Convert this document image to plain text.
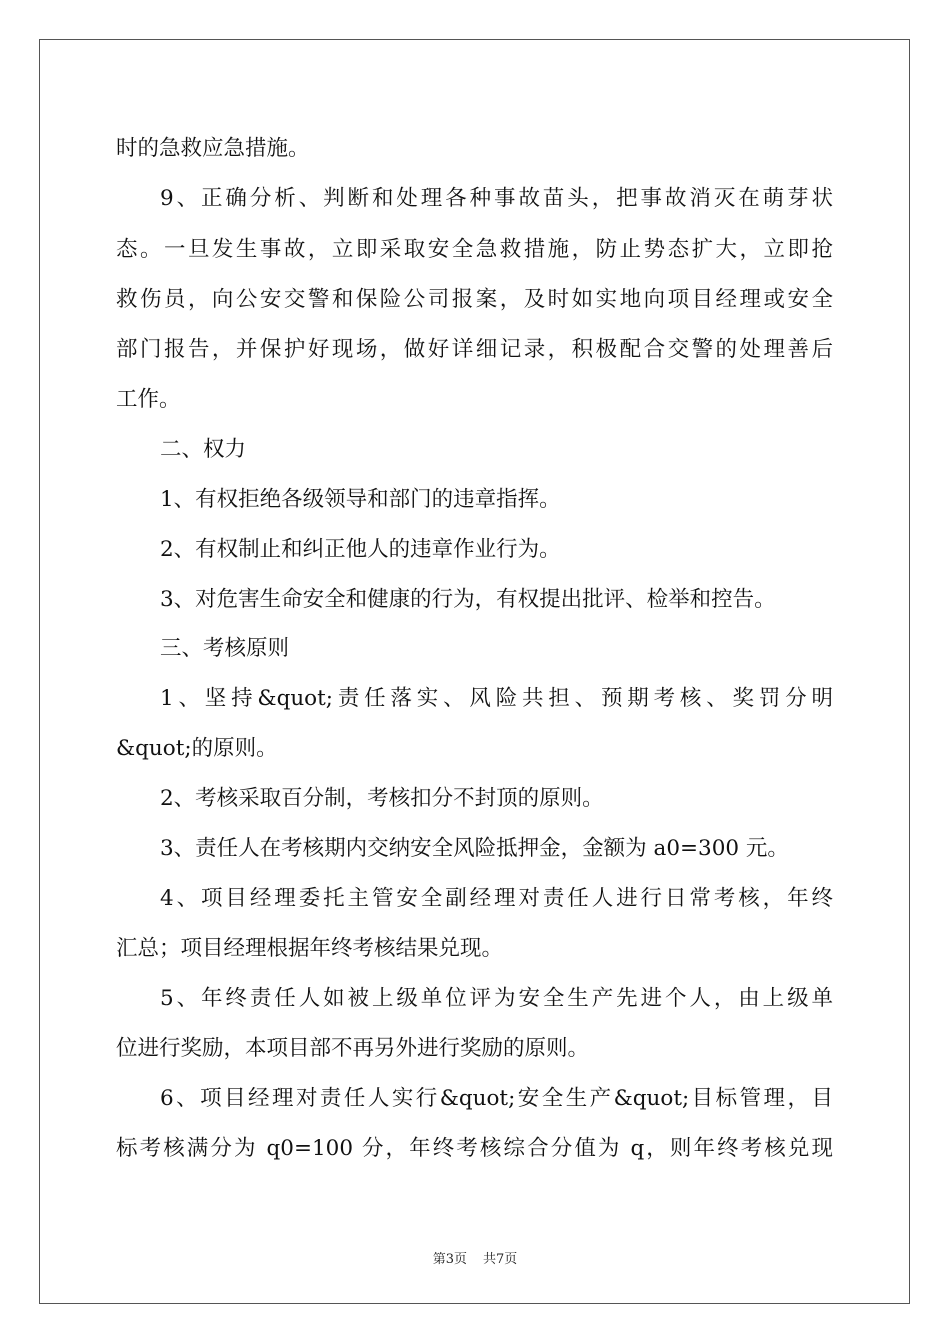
时的急救应急措施。
9、正确分析、判断和处理各种事故苗头，把事故消灭在萌芽状
态。一旦发生事故，立即采取安全急救措施，防止势态扩大，立即抢
救伤员，向公安交警和保险公司报案，及时如实地向项目经理或安全
部门报告，并保护好现场，做好详细记录，积极配合交警的处理善后
工作。
二、权力
1、有权拒绝各级领导和部门的违章指挥。
2、有权制止和纠正他人的违章作业行为。
3、对危害生命安全和健康的行为，有权提出批评、检举和控告。
三、考核原则
1、坚持&quot;责任落实、风险共担、预期考核、奖罚分明
&quot;的原则。
2、考核采取百分制，考核扣分不封顶的原则。
3、责任人在考核期内交纳安全风险抵押金，金额为 a0=300 元。
4、项目经理委托主管安全副经理对责任人进行日常考核，年终
汇总；项目经理根据年终考核结果兑现。
5、年终责任人如被上级单位评为安全生产先进个人，由上级单
位进行奖励，本项目部不再另外进行奖励的原则。
6、项目经理对责任人实行&quot;安全生产&quot;目标管理，目
标考核满分为 q0=100 分，年终考核综合分值为 q，则年终考核兑现
第3页 共7页
